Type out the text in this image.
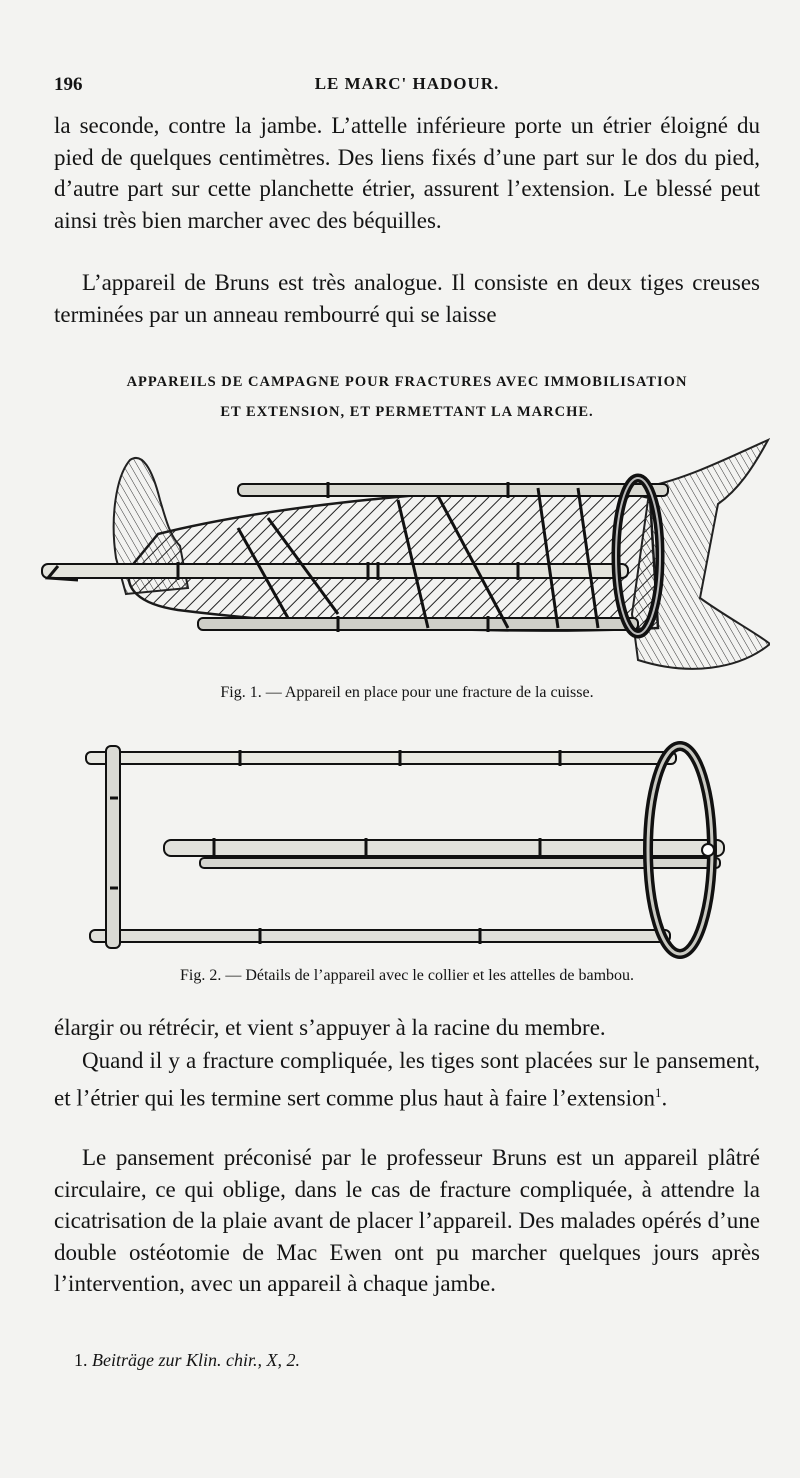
196	LE MARC' HADOUR.

la seconde, contre la jambe. L’attelle inférieure porte un étrier éloigné du pied de quelques centimètres. Des liens fixés d’une part sur le dos du pied, d’autre part sur cette planchette étrier, assurent l’extension. Le blessé peut ainsi très bien marcher avec des béquilles.

L’appareil de Bruns est très analogue. Il consiste en deux tiges creuses terminées par un anneau rembourré qui se laisse

APPAREILS DE CAMPAGNE POUR FRACTURES AVEC IMMOBILISATION

ET EXTENSION, ET PERMETTANT LA MARCHE.

Fig. 1. — Appareil en place pour une fracture de la cuisse.

Fig. 2. — Détails de l’appareil avec le collier et les attelles de bambou.

élargir ou rétrécir, et vient s’appuyer à la racine du membre.

Quand il y a fracture compliquée, les tiges sont placées sur le pansement, et l’étrier qui les termine sert comme plus haut à faire l’extension$^1$.

Le pansement préconisé par le professeur Bruns est un appareil plâtré circulaire, ce qui oblige, dans le cas de fracture compliquée, à attendre la cicatrisation de la plaie avant de placer l’appareil. Des malades opérés d’une double ostéotomie de Mac Ewen ont pu marcher quelques jours après l’intervention, avec un appareil à chaque jambe.

1. Beiträge zur Klin. chir., X, 2.
